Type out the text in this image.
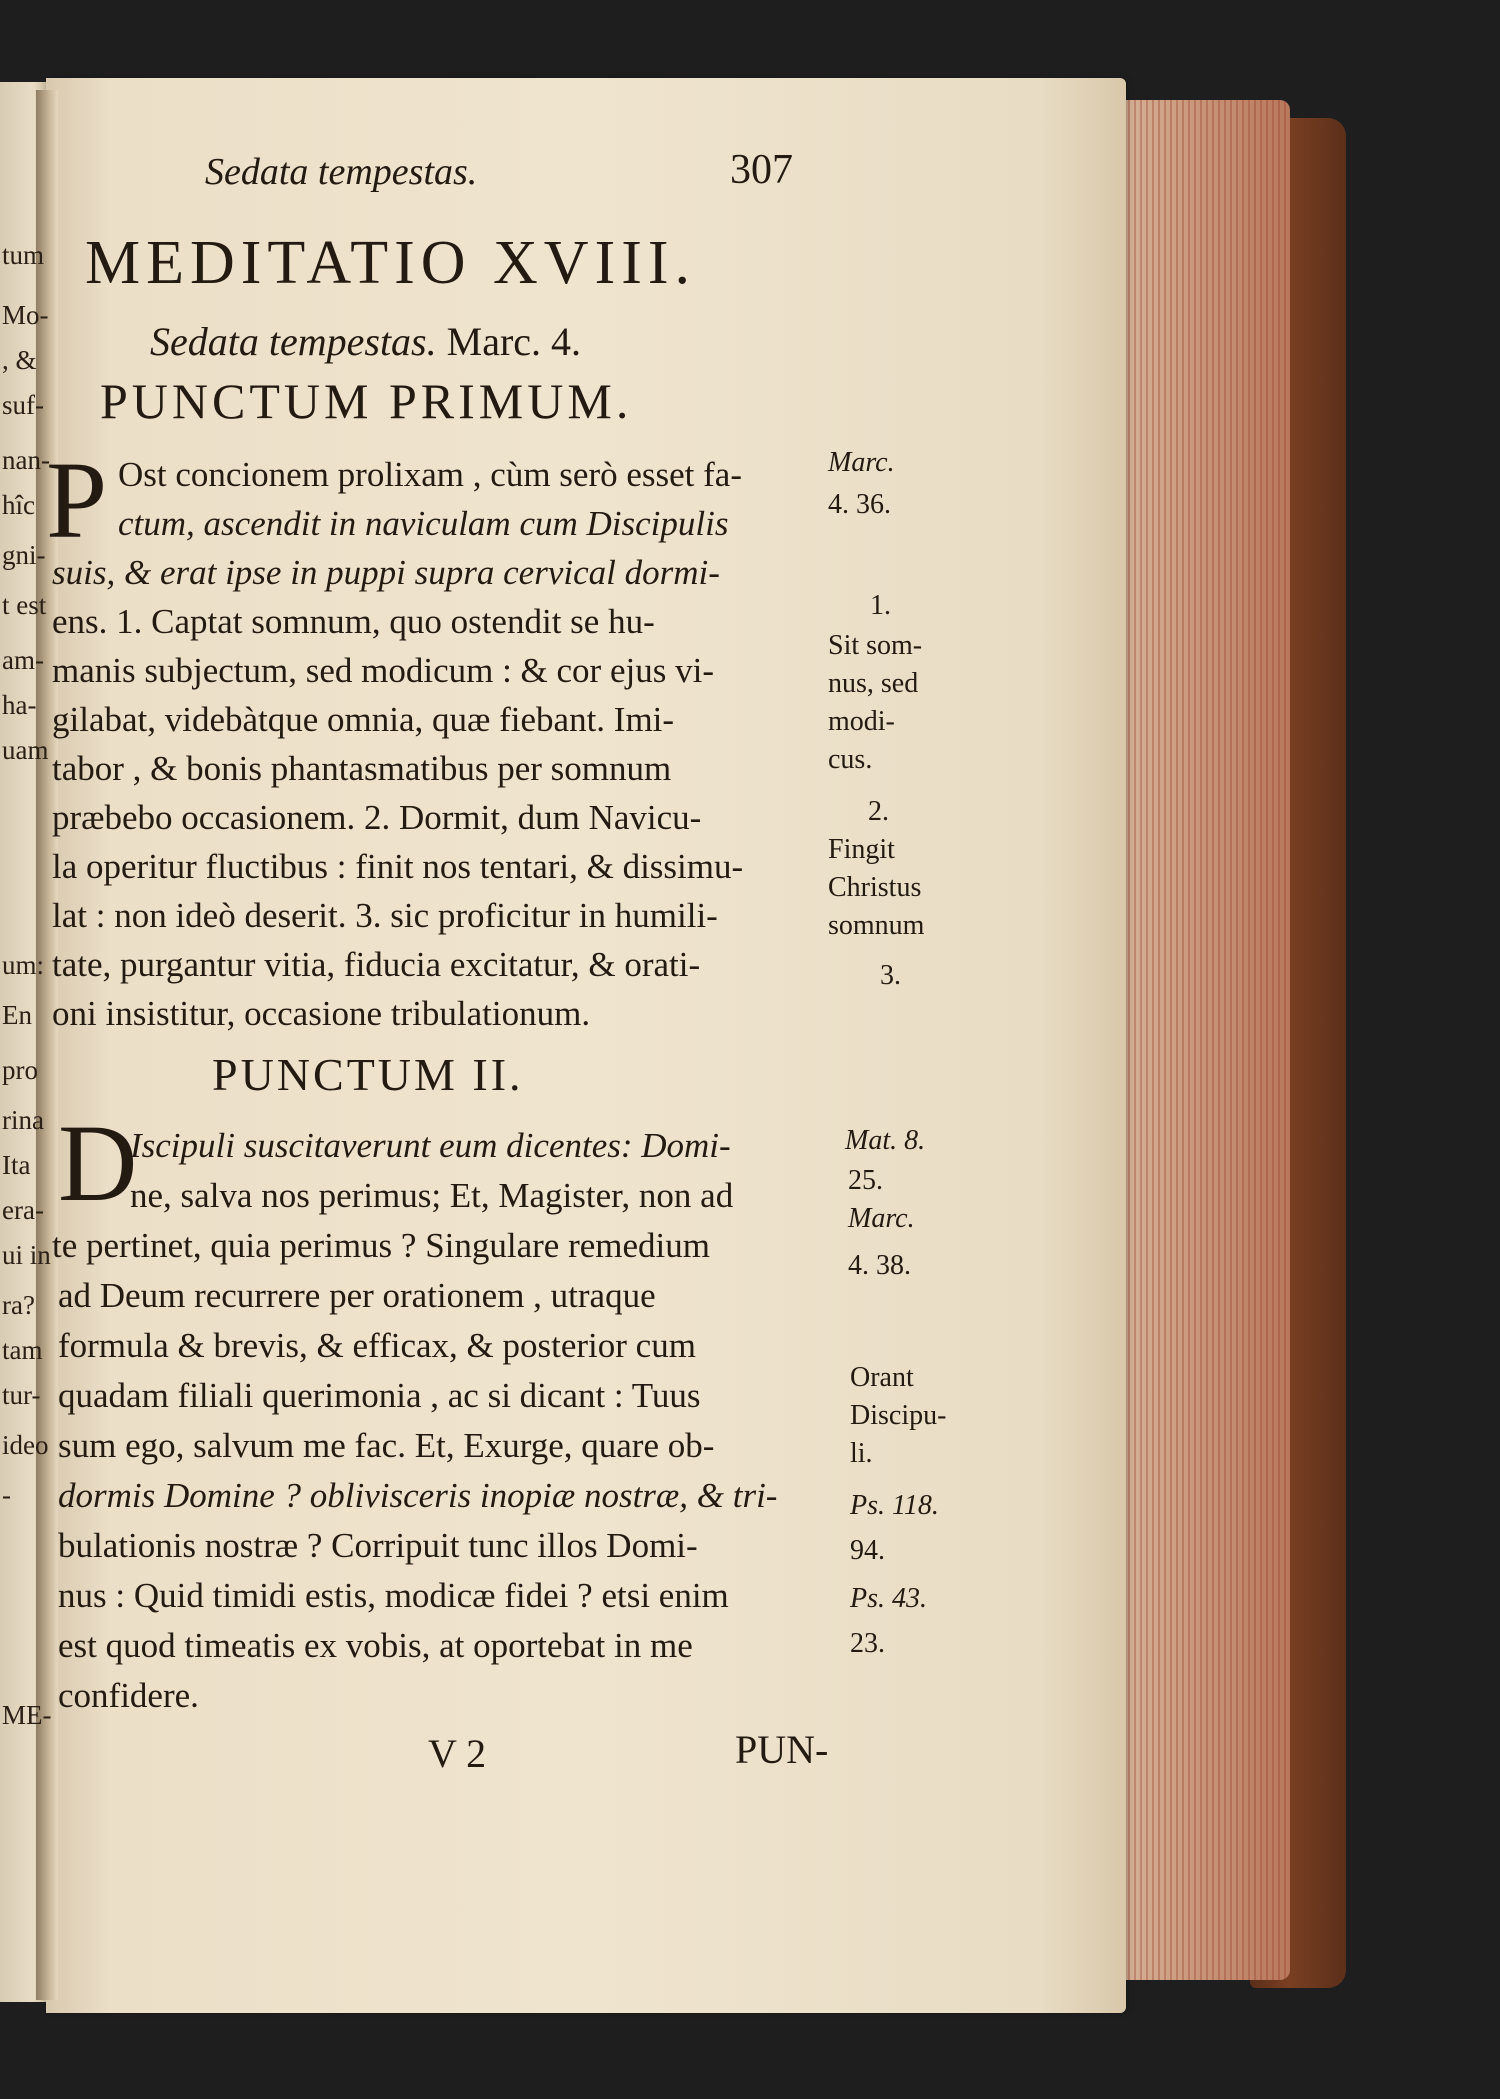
tum

Mo-

, &

suf-

nan-

hîc

gni-

t est

am-

ha-

uam

um:

En

pro

rina

Ita

era-

ui in

ra?

tam

tur-

ideo

-

ME-

Sedata tempestas.	307

MEDITATIO XVIII.

Sedata tempestas. Marc. 4.

PUNCTUM PRIMUM.

P Ost concionem prolixam , cùm serò esset fa-

ctum, ascendit in naviculam cum Discipulis

suis, & erat ipse in puppi supra cervical dormi-

ens. 1. Captat somnum, quo ostendit se hu-

manis subjectum, sed modicum : & cor ejus vi-

gilabat, videbàtque omnia, quæ fiebant. Imi-

tabor , & bonis phantasmatibus per somnum

præbebo occasionem. 2. Dormit, dum Navicu-

la operitur fluctibus : finit nos tentari, & dissimu-

lat : non ideò deserit. 3. sic proficitur in humili-

tate, purgantur vitia, fiducia excitatur, & orati-

oni insistitur, occasione tribulationum.

PUNCTUM II.

D

Iscipuli suscitaverunt eum dicentes: Domi-

ne, salva nos perimus; Et, Magister, non ad

te pertinet, quia perimus ? Singulare remedium

ad Deum recurrere per orationem , utraque

formula & brevis, & efficax, & posterior cum

quadam filiali querimonia , ac si dicant : Tuus

sum ego, salvum me fac. Et, Exurge, quare ob-

dormis Domine ? oblivisceris inopiæ nostræ, & tri-

bulationis nostræ ? Corripuit tunc illos Domi-

nus : Quid timidi estis, modicæ fidei ? etsi enim

est quod timeatis ex vobis, at oportebat in me

confidere.

Marc.

4. 36.

1.

Sit som-

nus, sed

modi-

cus.

2.

Fingit

Christus

somnum

3.

Mat. 8.

25.

Marc.

4. 38.

Orant

Discipu-

li.

Ps. 118.

94.

Ps. 43.

23.

V 2	PUN-
